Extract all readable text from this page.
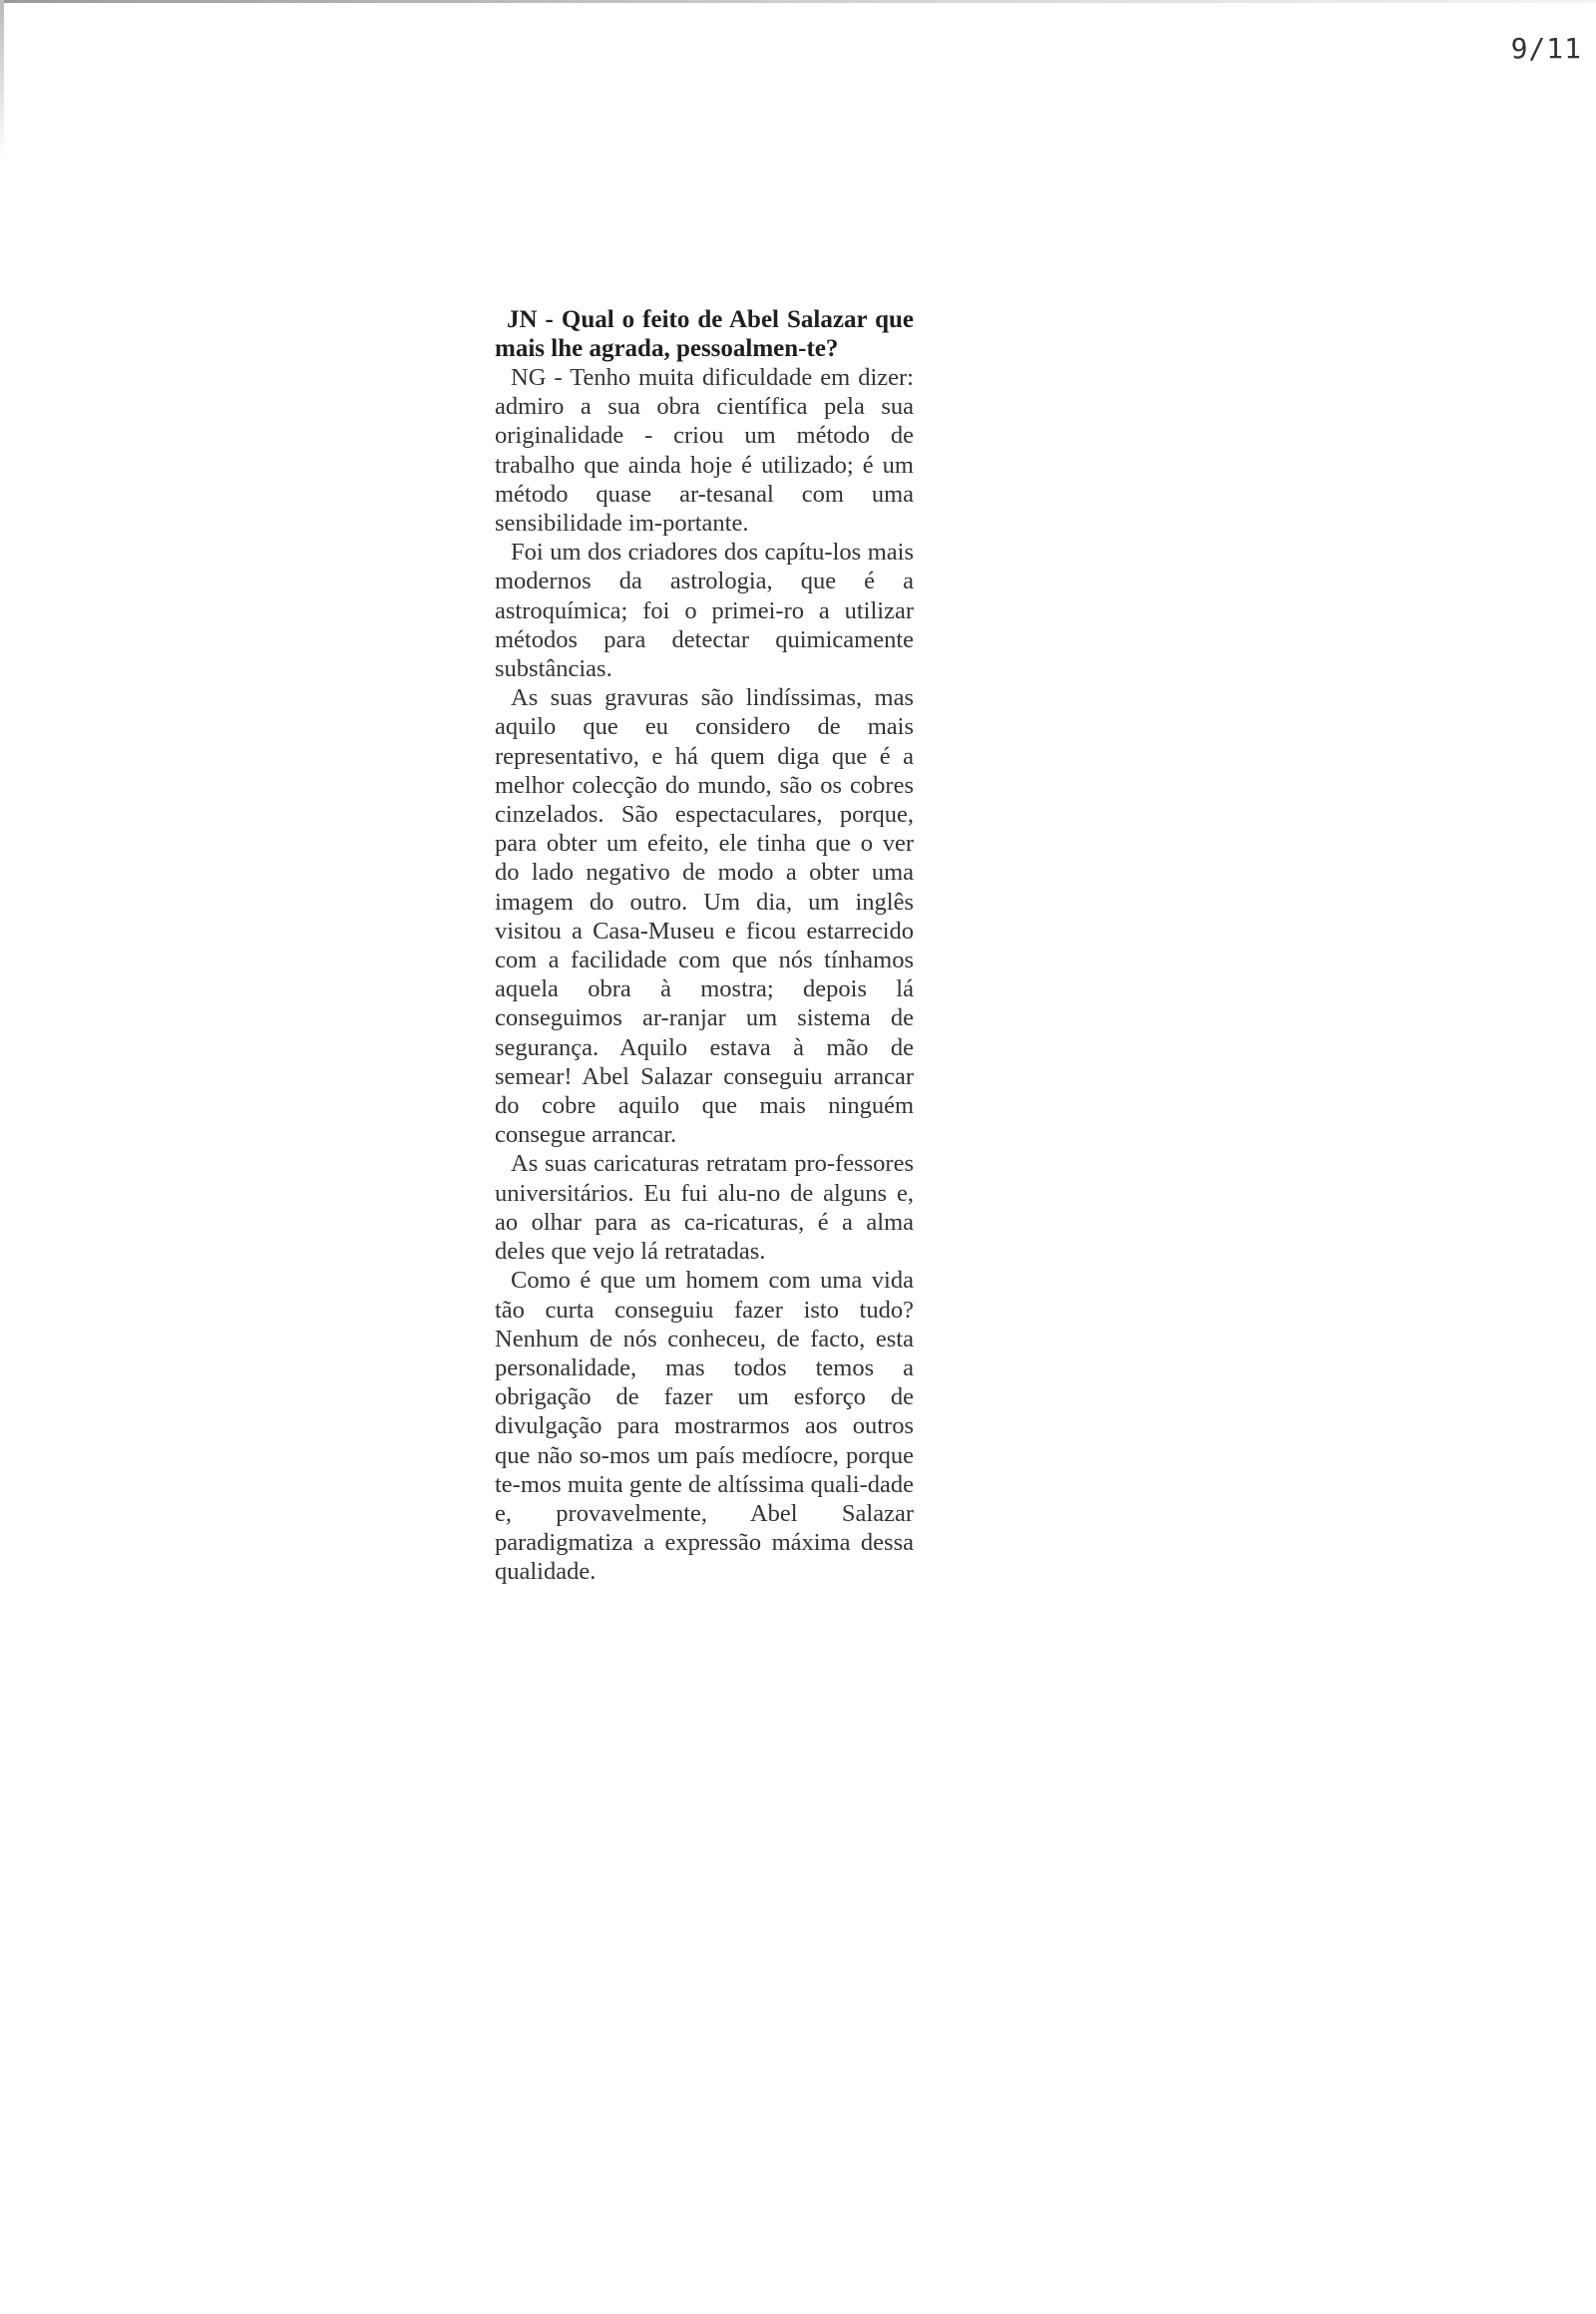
9/11

JN - Qual o feito de Abel Salazar que mais lhe agrada, pessoalmen-te?

NG - Tenho muita dificuldade em dizer: admiro a sua obra científica pela sua originalidade - criou um método de trabalho que ainda hoje é utilizado; é um método quase ar-tesanal com uma sensibilidade im-portante.

Foi um dos criadores dos capítu-los mais modernos da astrologia, que é a astroquímica; foi o primei-ro a utilizar métodos para detectar quimicamente substâncias.

As suas gravuras são lindíssimas, mas aquilo que eu considero de mais representativo, e há quem diga que é a melhor colecção do mundo, são os cobres cinzelados. São espectaculares, porque, para obter um efeito, ele tinha que o ver do lado negativo de modo a obter uma imagem do outro. Um dia, um inglês visitou a Casa-Museu e ficou estarrecido com a facilidade com que nós tínhamos aquela obra à mostra; depois lá conseguimos ar-ranjar um sistema de segurança. Aquilo estava à mão de semear! Abel Salazar conseguiu arrancar do cobre aquilo que mais ninguém consegue arrancar.

As suas caricaturas retratam pro-fessores universitários. Eu fui alu-no de alguns e, ao olhar para as ca-ricaturas, é a alma deles que vejo lá retratadas.

Como é que um homem com uma vida tão curta conseguiu fazer isto tudo? Nenhum de nós conheceu, de facto, esta personalidade, mas todos temos a obrigação de fazer um esforço de divulgação para mostrarmos aos outros que não so-mos um país medíocre, porque te-mos muita gente de altíssima quali-dade e, provavelmente, Abel Salazar paradigmatiza a expressão máxima dessa qualidade.
